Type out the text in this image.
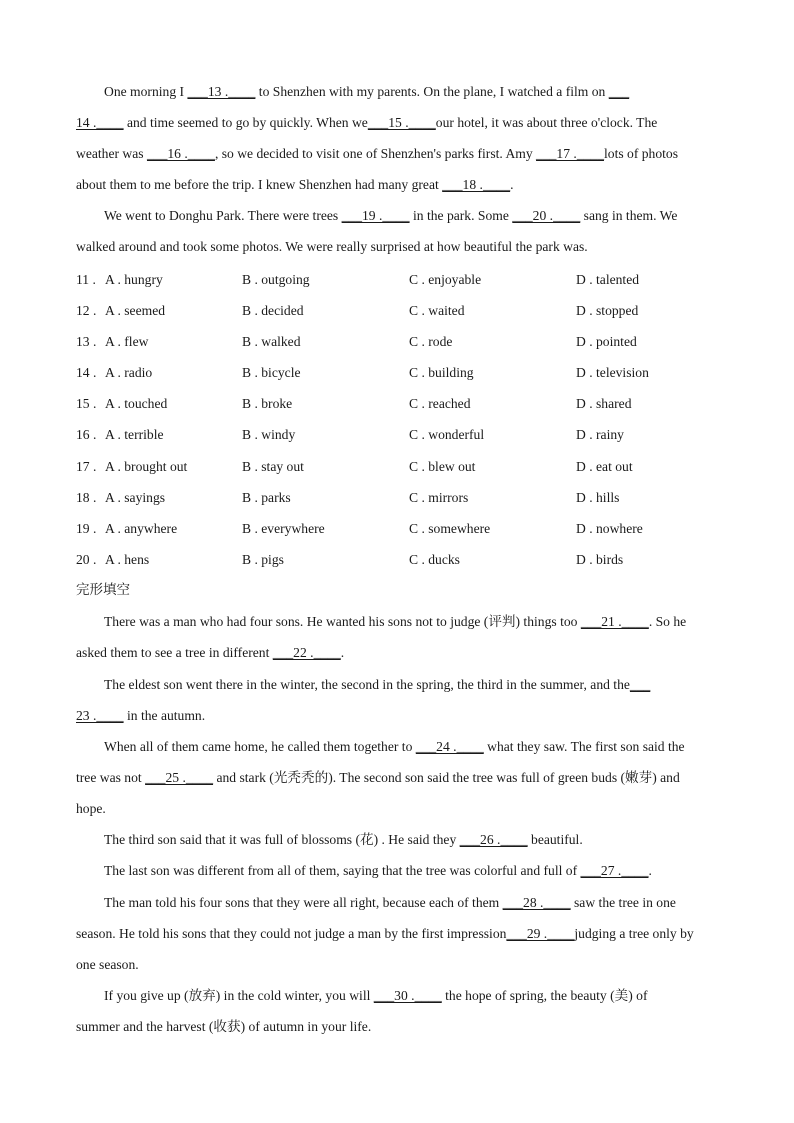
One morning I ___13 .____ to Shenzhen with my parents. On the plane, I watched a film on ___
14 .____ and time seemed to go by quickly. When we___15 .____our hotel, it was about three o'clock. The
weather was ___16 .____, so we decided to visit one of Shenzhen's parks first. Amy ___17 .____lots of photos
about them to me before the trip. I knew Shenzhen had many great ___18 .____.
We went to Donghu Park. There were trees ___19 .____ in the park. Some ___20 .____ sang in them. We
walked around and took some photos. We were really surprised at how beautiful the park was.
11 . A . hungry	B . outgoing	C . enjoyable	D . talented
12 . A . seemed	B . decided	C . waited	D . stopped
13 . A . flew	B . walked	C . rode	D . pointed
14 . A . radio	B . bicycle	C . building	D . television
15 . A . touched	B . broke	C . reached	D . shared
16 . A . terrible	B . windy	C . wonderful	D . rainy
17 . A . brought out	B . stay out	C . blew out	D . eat out
18 . A . sayings	B . parks	C . mirrors	D . hills
19 . A . anywhere	B . everywhere	C . somewhere	D . nowhere
20 . A . hens	B . pigs	C . ducks	D . birds
完形填空
There was a man who had four sons. He wanted his sons not to judge (评判) things too ___21 .____. So he
asked them to see a tree in different ___22 .____.
The eldest son went there in the winter, the second in the spring, the third in the summer, and the___
23 .____ in the autumn.
When all of them came home, he called them together to ___24 .____ what they saw. The first son said the
tree was not ___25 .____ and stark (光秃秃的). The second son said the tree was full of green buds (嫩芽) and
hope.
The third son said that it was full of blossoms (花) . He said they ___26 .____ beautiful.
The last son was different from all of them, saying that the tree was colorful and full of ___27 .____.
The man told his four sons that they were all right, because each of them ___28 .____ saw the tree in one
season. He told his sons that they could not judge a man by the first impression___29 .____judging a tree only by
one season.
If you give up (放弃) in the cold winter, you will ___30 .____ the hope of spring, the beauty (美) of
summer and the harvest (收获) of autumn in your life.
